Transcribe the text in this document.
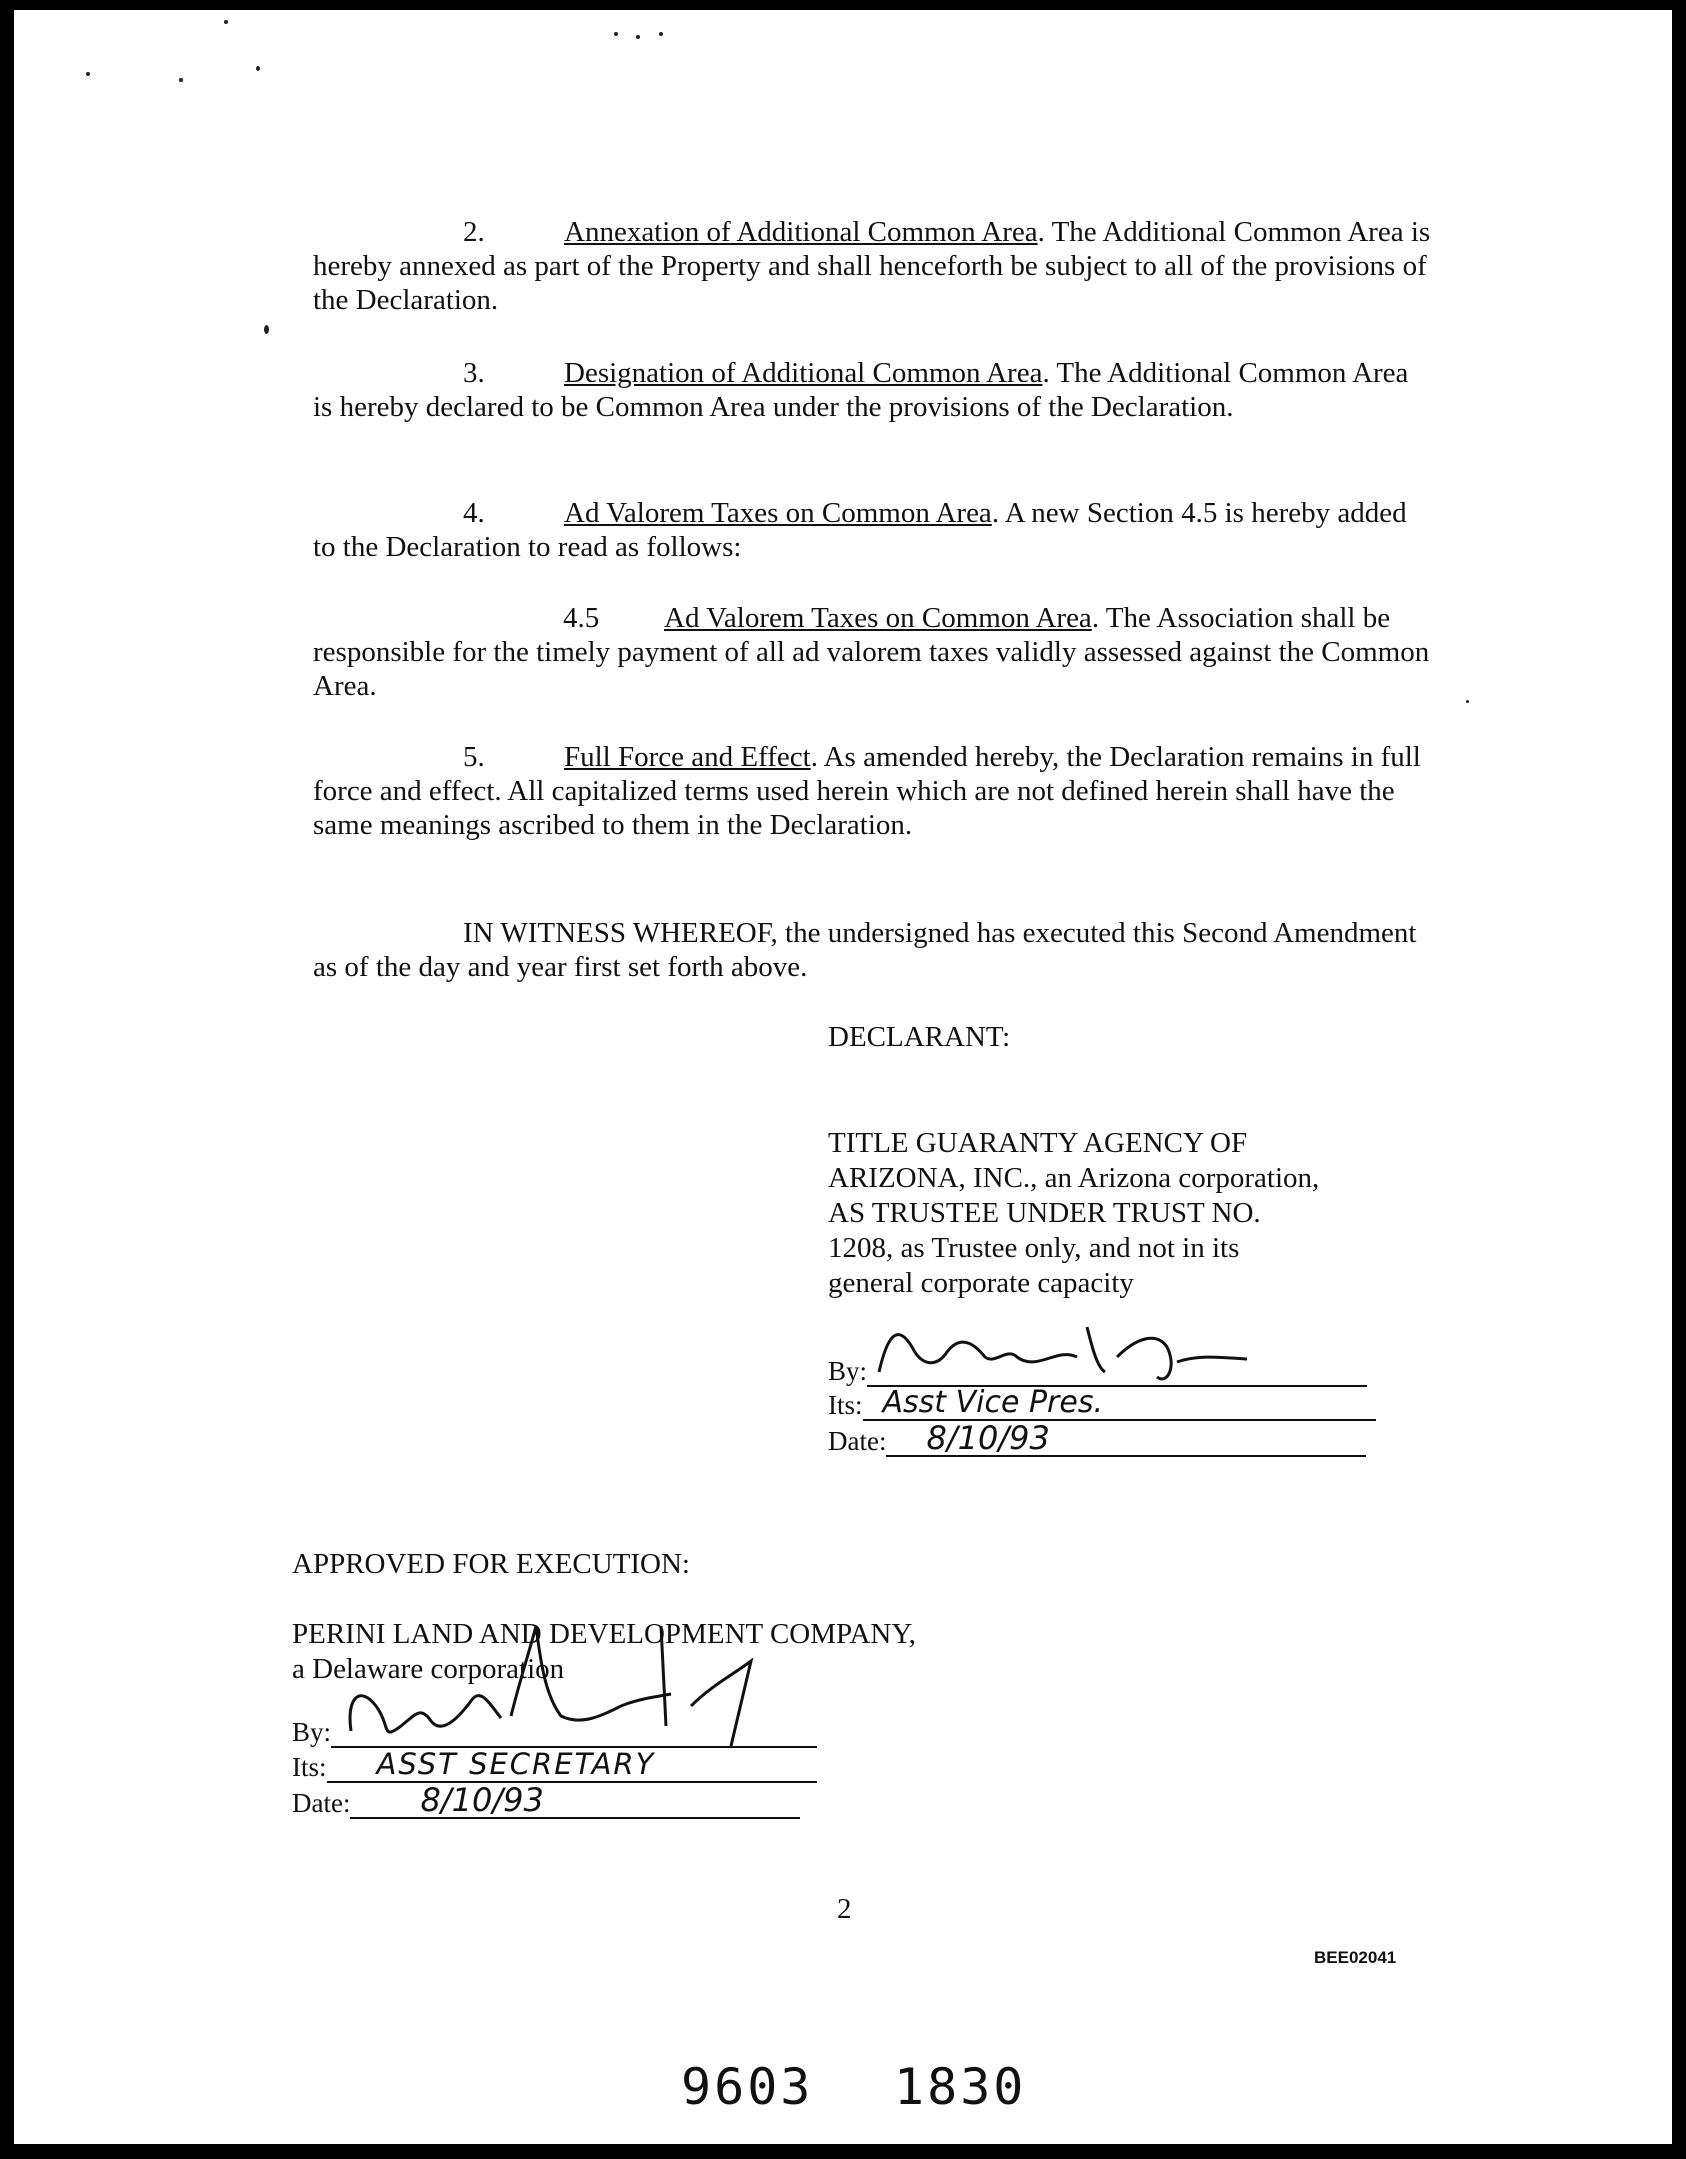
2.	Annexation of Additional Common Area. The Additional Common Area is hereby annexed as part of the Property and shall henceforth be subject to all of the provisions of the Declaration.
3.	Designation of Additional Common Area. The Additional Common Area is hereby declared to be Common Area under the provisions of the Declaration.
4.	Ad Valorem Taxes on Common Area. A new Section 4.5 is hereby added to the Declaration to read as follows:
4.5 Ad Valorem Taxes on Common Area. The Association shall be responsible for the timely payment of all ad valorem taxes validly assessed against the Common Area.
5.	Full Force and Effect. As amended hereby, the Declaration remains in full force and effect. All capitalized terms used herein which are not defined herein shall have the same meanings ascribed to them in the Declaration.
IN WITNESS WHEREOF, the undersigned has executed this Second Amendment as of the day and year first set forth above.
DECLARANT:
TITLE GUARANTY AGENCY OF
ARIZONA, INC., an Arizona corporation,
AS TRUSTEE UNDER TRUST NO.
1208, as Trustee only, and not in its
general corporate capacity
By:
Its: Asst Vice Pres.
Date: 8/10/93
APPROVED FOR EXECUTION:
PERINI LAND AND DEVELOPMENT COMPANY,
a Delaware corporation
By:
Its: ASST SECRETARY
Date: 8/10/93
2
BEE02041
9603 1830
